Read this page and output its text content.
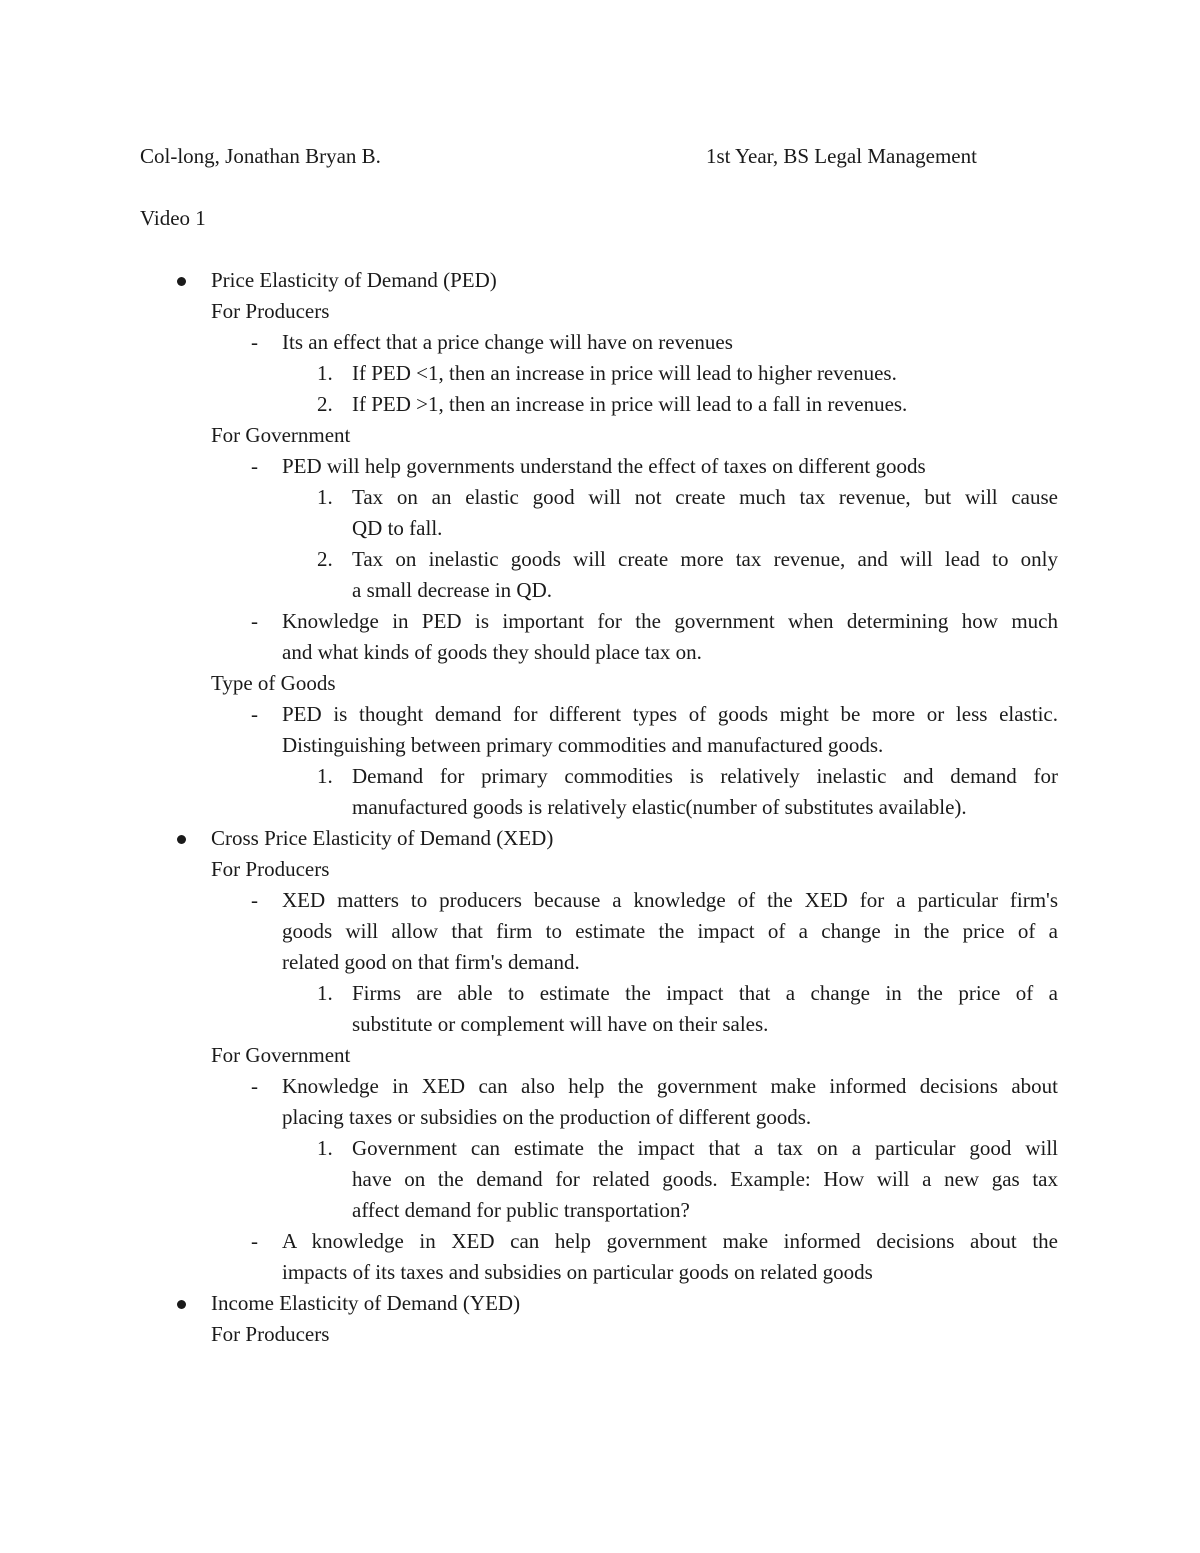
Col-long, Jonathan Bryan B.	1st Year, BS Legal Management
Video 1
Price Elasticity of Demand (PED)
For Producers
- Its an effect that a price change will have on revenues
1. If PED <1, then an increase in price will lead to higher revenues.
2. If PED >1, then an increase in price will lead to a fall in revenues.
For Government
- PED will help governments understand the effect of taxes on different goods
1. Tax on an elastic good will not create much tax revenue, but will cause
QD to fall.
2. Tax on inelastic goods will create more tax revenue, and will lead to only
a small decrease in QD.
- Knowledge in PED is important for the government when determining how much
and what kinds of goods they should place tax on.
Type of Goods
- PED is thought demand for different types of goods might be more or less elastic.
Distinguishing between primary commodities and manufactured goods.
1. Demand for primary commodities is relatively inelastic and demand for
manufactured goods is relatively elastic(number of substitutes available).
Cross Price Elasticity of Demand (XED)
For Producers
- XED matters to producers because a knowledge of the XED for a particular firm's
goods will allow that firm to estimate the impact of a change in the price of a
related good on that firm's demand.
1. Firms are able to estimate the impact that a change in the price of a
substitute or complement will have on their sales.
For Government
- Knowledge in XED can also help the government make informed decisions about
placing taxes or subsidies on the production of different goods.
1. Government can estimate the impact that a tax on a particular good will
have on the demand for related goods. Example: How will a new gas tax
affect demand for public transportation?
- A knowledge in XED can help government make informed decisions about the
impacts of its taxes and subsidies on particular goods on related goods
Income Elasticity of Demand (YED)
For Producers
